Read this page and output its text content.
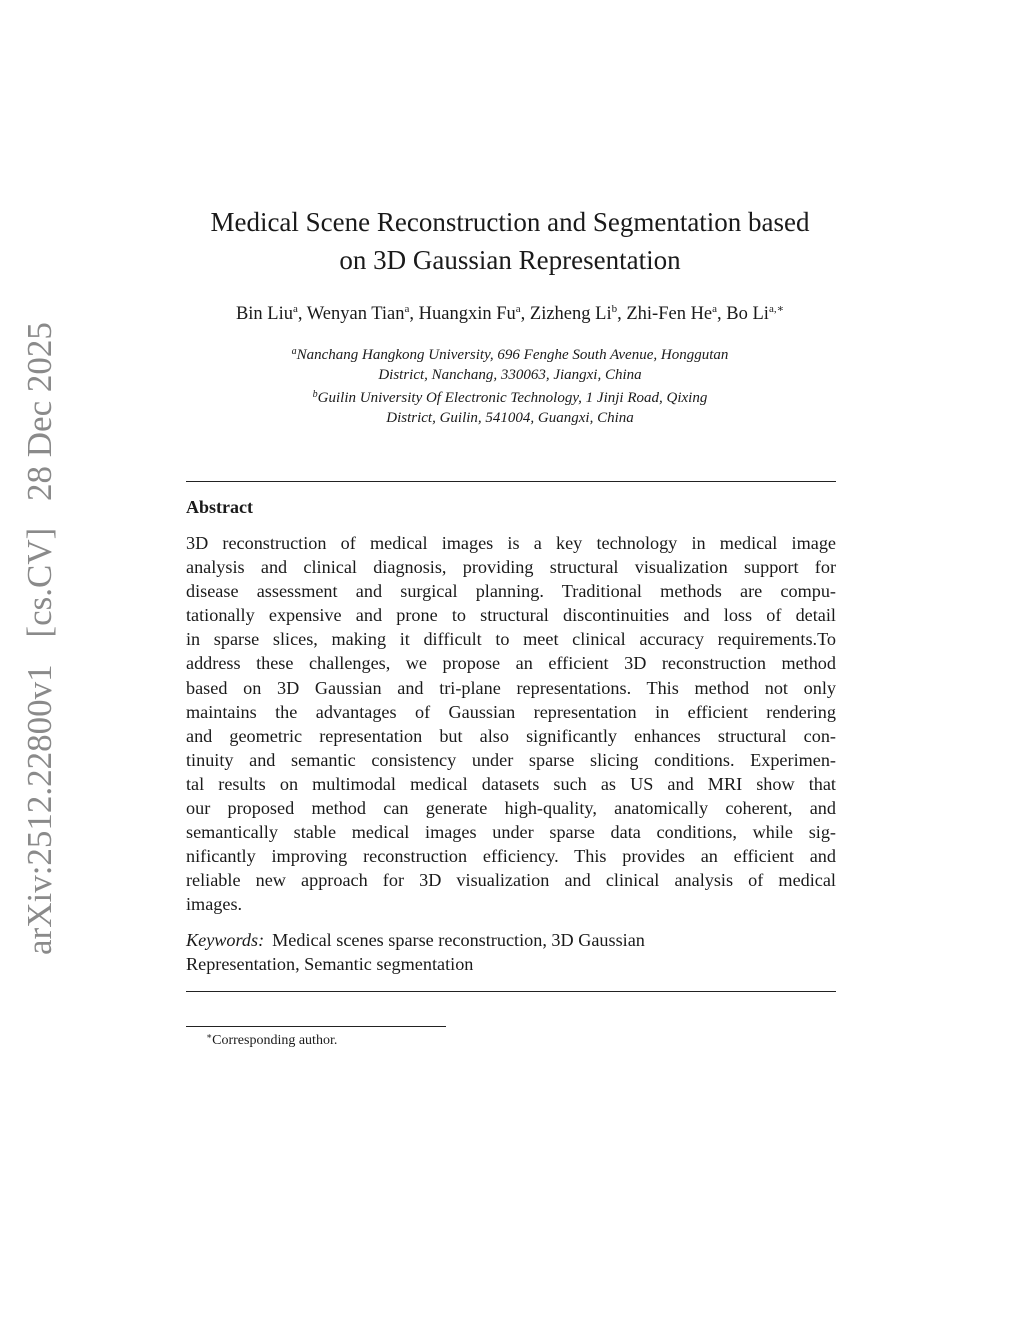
arXiv:2512.22800v1 [cs.CV] 28 Dec 2025
Medical Scene Reconstruction and Segmentation based
on 3D Gaussian Representation
Bin Liu$^a$, Wenyan Tian$^a$, Huangxin Fu$^a$, Zizheng Li$^b$, Zhi-Fen He$^a$, Bo $Li^{a,∗}$
$^a$Nanchang Hangkong University, 696 Fenghe South Avenue, Honggutan
District, Nanchang, 330063, Jiangxi, China
$^b$Guilin University Of Electronic Technology, 1 Jinji Road, Qixing
District, Guilin, 541004, Guangxi, China
Abstract
3D reconstruction of medical images is a key technology in medical image
analysis and clinical diagnosis, providing structural visualization support for
disease assessment and surgical planning. Traditional methods are compu-
tationally expensive and prone to structural discontinuities and loss of detail
in sparse slices, making it difficult to meet clinical accuracy requirements.To
address these challenges, we propose an efficient 3D reconstruction method
based on 3D Gaussian and tri-plane representations. This method not only
maintains the advantages of Gaussian representation in efficient rendering
and geometric representation but also significantly enhances structural con-
tinuity and semantic consistency under sparse slicing conditions. Experimen-
tal results on multimodal medical datasets such as US and MRI show that
our proposed method can generate high-quality, anatomically coherent, and
semantically stable medical images under sparse data conditions, while sig-
nificantly improving reconstruction efficiency. This provides an efficient and
reliable new approach for 3D visualization and clinical analysis of medical
images.
Keywords: Medical scenes sparse reconstruction, 3D Gaussian
Representation, Semantic segmentation
∗Corresponding author.
